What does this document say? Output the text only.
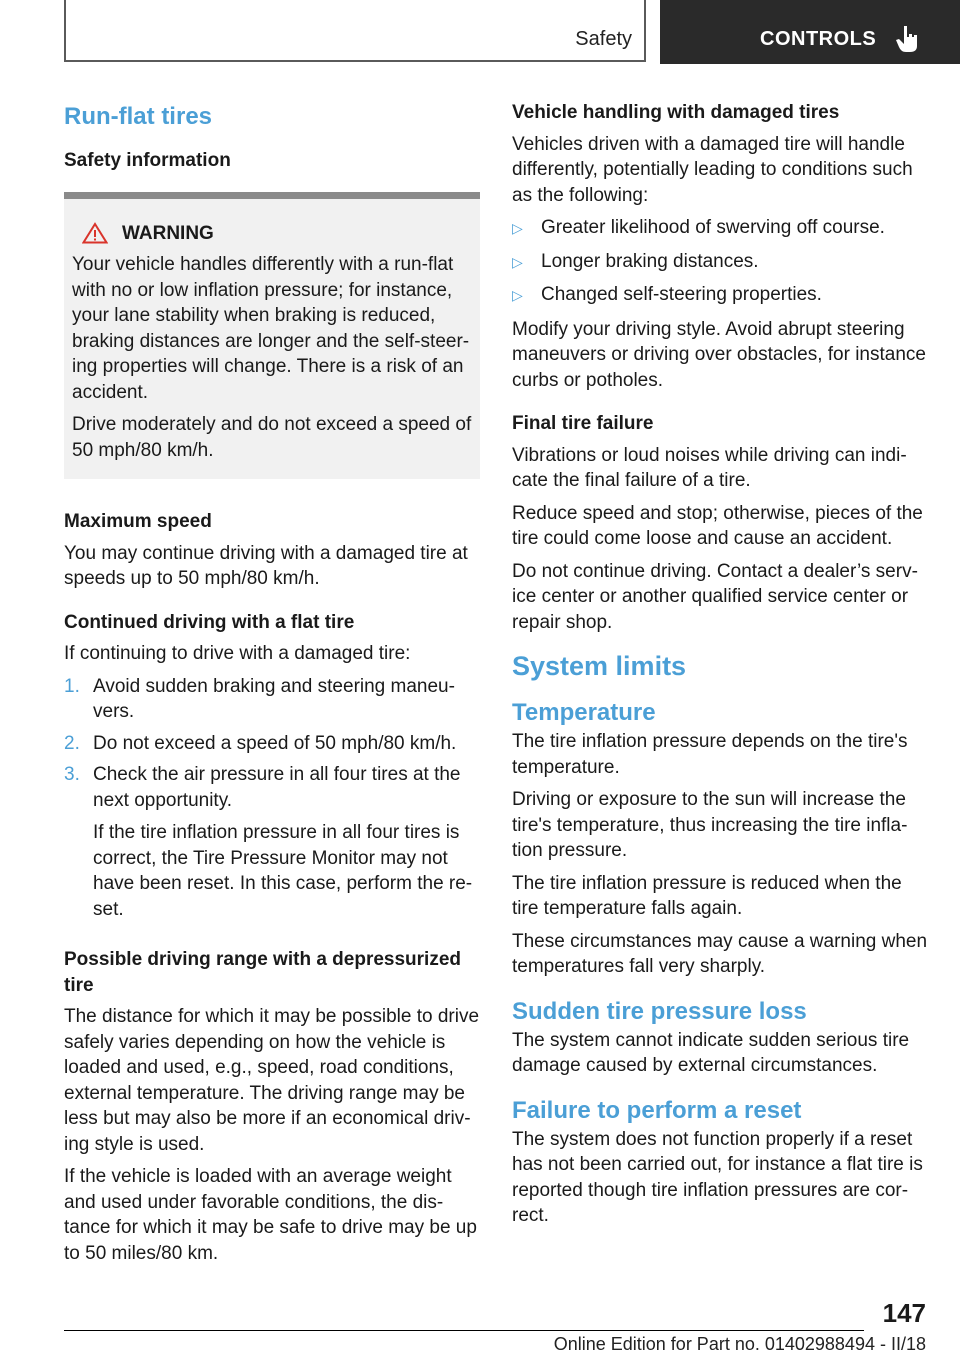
Safety	CONTROLS
Run-flat tires
Safety information
WARNING

Your vehicle handles differently with a run-flat with no or low inflation pressure; for instance, your lane stability when braking is reduced, braking distances are longer and the self-steer-ing properties will change. There is a risk of an accident.

Drive moderately and do not exceed a speed of 50 mph/80 km/h.

Maximum speed

You may continue driving with a damaged tire at speeds up to 50 mph/80 km/h.

Continued driving with a flat tire

If continuing to drive with a damaged tire:

1. Avoid sudden braking and steering maneu-vers.
2. Do not exceed a speed of 50 mph/80 km/h.
3. Check the air pressure in all four tires at the next opportunity.

If the tire inflation pressure in all four tires is correct, the Tire Pressure Monitor may not have been reset. In this case, perform the re-set.

Possible driving range with a depressurized tire

The distance for which it may be possible to drive safely varies depending on how the vehicle is loaded and used, e.g., speed, road conditions, external temperature. The driving range may be less but may also be more if an economical driv-ing style is used.

If the vehicle is loaded with an average weight and used under favorable conditions, the dis-tance for which it may be safe to drive may be up to 50 miles/80 km.

Vehicle handling with damaged tires

Vehicles driven with a damaged tire will handle differently, potentially leading to conditions such as the following:

▷ Greater likelihood of swerving off course.
▷ Longer braking distances.
▷ Changed self-steering properties.

Modify your driving style. Avoid abrupt steering maneuvers or driving over obstacles, for instance curbs or potholes.

Final tire failure

Vibrations or loud noises while driving can indi-cate the final failure of a tire.

Reduce speed and stop; otherwise, pieces of the tire could come loose and cause an accident.

Do not continue driving. Contact a dealer’s serv-ice center or another qualified service center or repair shop.

System limits
Temperature

The tire inflation pressure depends on the tire's temperature.

Driving or exposure to the sun will increase the tire's temperature, thus increasing the tire infla-tion pressure.

The tire inflation pressure is reduced when the tire temperature falls again.

These circumstances may cause a warning when temperatures fall very sharply.

Sudden tire pressure loss

The system cannot indicate sudden serious tire damage caused by external circumstances.

Failure to perform a reset

The system does not function properly if a reset has not been carried out, for instance a flat tire is reported though tire inflation pressures are cor-rect.

147
Online Edition for Part no. 01402988494 - II/18
